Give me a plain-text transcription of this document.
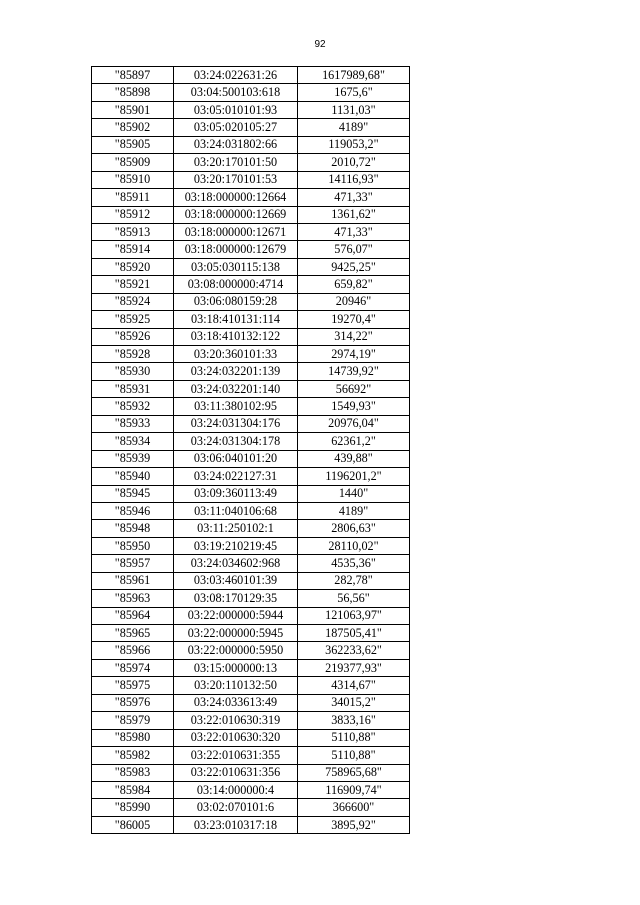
92
"85897	03:24:022631:26	1617989,68"
"85898	03:04:500103:618	1675,6"
"85901	03:05:010101:93	1131,03"
"85902	03:05:020105:27	4189"
"85905	03:24:031802:66	119053,2"
"85909	03:20:170101:50	2010,72"
"85910	03:20:170101:53	14116,93"
"85911	03:18:000000:12664	471,33"
"85912	03:18:000000:12669	1361,62"
"85913	03:18:000000:12671	471,33"
"85914	03:18:000000:12679	576,07"
"85920	03:05:030115:138	9425,25"
"85921	03:08:000000:4714	659,82"
"85924	03:06:080159:28	20946"
"85925	03:18:410131:114	19270,4"
"85926	03:18:410132:122	314,22"
"85928	03:20:360101:33	2974,19"
"85930	03:24:032201:139	14739,92"
"85931	03:24:032201:140	56692"
"85932	03:11:380102:95	1549,93"
"85933	03:24:031304:176	20976,04"
"85934	03:24:031304:178	62361,2"
"85939	03:06:040101:20	439,88"
"85940	03:24:022127:31	1196201,2"
"85945	03:09:360113:49	1440"
"85946	03:11:040106:68	4189"
"85948	03:11:250102:1	2806,63"
"85950	03:19:210219:45	28110,02"
"85957	03:24:034602:968	4535,36"
"85961	03:03:460101:39	282,78"
"85963	03:08:170129:35	56,56"
"85964	03:22:000000:5944	121063,97"
"85965	03:22:000000:5945	187505,41"
"85966	03:22:000000:5950	362233,62"
"85974	03:15:000000:13	219377,93"
"85975	03:20:110132:50	4314,67"
"85976	03:24:033613:49	34015,2"
"85979	03:22:010630:319	3833,16"
"85980	03:22:010630:320	5110,88"
"85982	03:22:010631:355	5110,88"
"85983	03:22:010631:356	758965,68"
"85984	03:14:000000:4	116909,74"
"85990	03:02:070101:6	366600"
"86005	03:23:010317:18	3895,92"
